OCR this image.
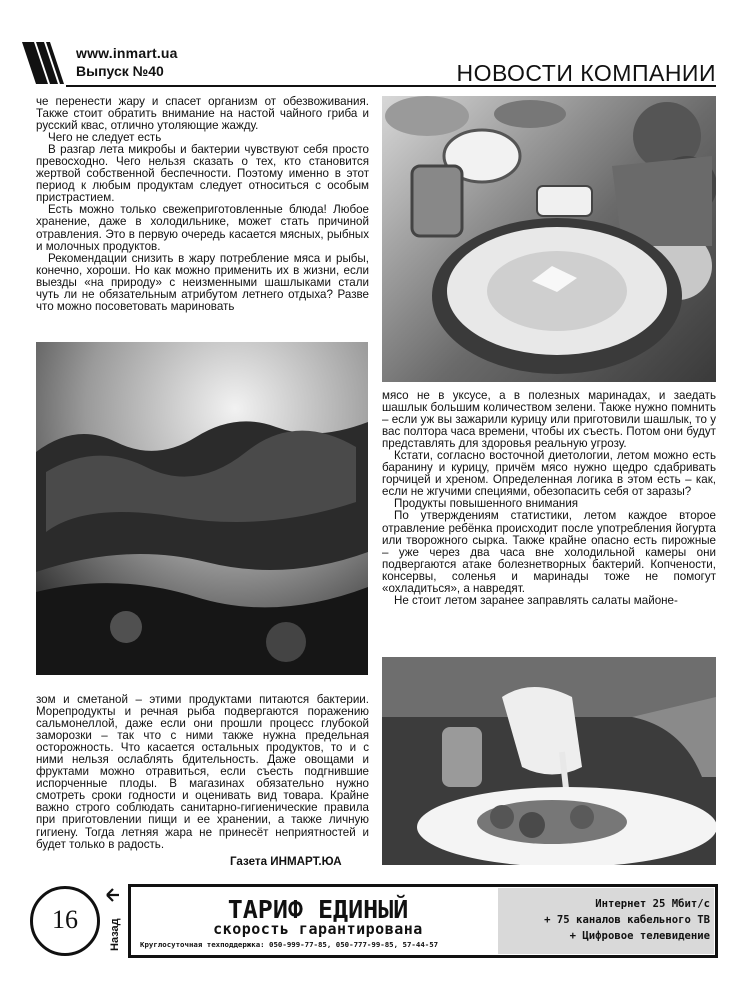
www.inmart.ua
Выпуск №40	НОВОСТИ КОМПАНИИ

че перенести жару и спасет организм от обезвоживания. Также стоит обратить внимание на настой чайного гриба и русский квас, отлично утоляющие жажду.

Чего не следует есть

В разгар лета микробы и бактерии чувствуют себя просто превосходно. Чего нельзя сказать о тех, кто становится жертвой собственной беспечности. Поэтому именно в этот период к любым продуктам следует относиться с особым пристрастием.

Есть можно только свежеприготовленные блюда! Любое хранение, даже в холодильнике, может стать причиной отравления. Это в первую очередь касается мясных, рыбных и молочных продуктов.

Рекомендации снизить в жару потребление мяса и рыбы, конечно, хороши. Но как можно применить их в жизни, если выезды «на природу» с неизменными шашлыками стали чуть ли не обязательным атрибутом летнего отдыха? Разве что можно посоветовать мариновать

мясо не в уксусе, а в полезных маринадах, и заедать шашлык большим количеством зелени. Также нужно помнить – если уж вы зажарили курицу или приготовили шашлык, то у вас полтора часа времени, чтобы их съесть. Потом они будут представлять для здоровья реальную угрозу.

Кстати, согласно восточной диетологии, летом можно есть баранину и курицу, причём мясо нужно щедро сдабривать горчицей и хреном. Определенная логика в этом есть – как, если не жгучими специями, обезопасить себя от заразы?

Продукты повышенного внимания

По утверждениям статистики, летом каждое второе отравление ребёнка происходит после употребления йогурта или творожного сырка. Также крайне опасно есть пирожные – уже через два часа вне холодильной камеры они подвергаются атаке болезнетворных бактерий. Копчености, консервы, соленья и маринады тоже не помогут «охладиться», а навредят.

Не стоит летом заранее заправлять салаты майоне-

зом и сметаной – этими продуктами питаются бактерии. Морепродукты и речная рыба подвергаются поражению сальмонеллой, даже если они прошли процесс глубокой заморозки – так что с ними также нужна предельная осторожность. Что касается остальных продуктов, то и с ними нельзя ослаблять бдительность. Даже овощами и фруктами можно отравиться, если съесть подгнившие испорченные плоды. В магазинах обязательно нужно смотреть сроки годности и оценивать вид товара. Крайне важно строго соблюдать санитарно-гигиенические правила при приготовлении пищи и ее хранении, а также личную гигиену. Тогда летняя жара не принесёт неприятностей и будет только в радость.

Газета ИНМАРТ.ЮА
16	Назад
ТАРИФ ЕДИНЫЙ
скорость гарантирована
Круглосуточная техподдержка: 050-999-77-85, 050-777-99-85, 57-44-57
Интернет 25 Мбит/с
+ 75 каналов кабельного ТВ
+ Цифровое телевидение
